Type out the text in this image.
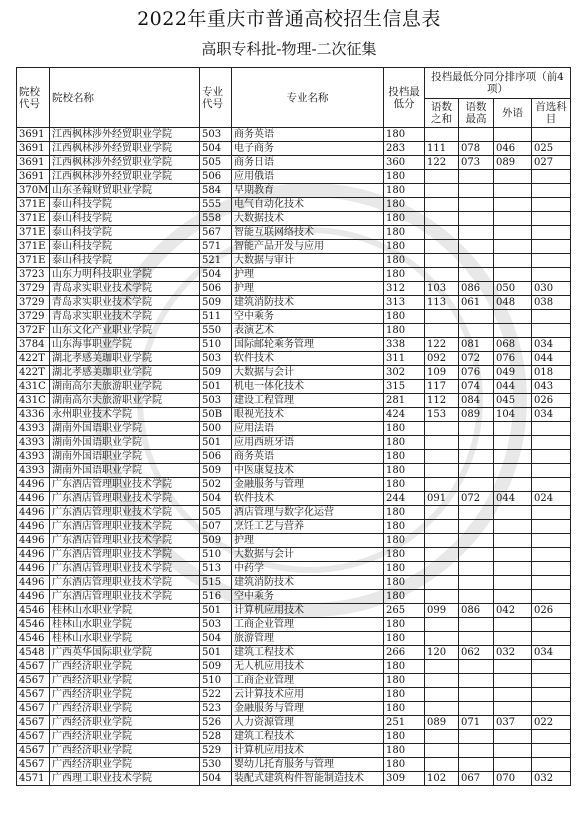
2022年重庆市普通高校招生信息表
高职专科批-物理-二次征集
院校代号	院校名称	专业代号	专业名称	投档最低分	投档最低分同分排序项（前4项）			
					语数之和	语数最高	外语	首选科目
3691	江西枫林涉外经贸职业学院	503	商务英语	180				
3691	江西枫林涉外经贸职业学院	504	电子商务	283	111	078	046	025
3691	江西枫林涉外经贸职业学院	505	商务日语	360	122	073	089	027
3691	江西枫林涉外经贸职业学院	506	应用俄语	180				
370M	山东圣翰财贸职业学院	584	早期教育	180				
371E	泰山科技学院	555	电气自动化技术	180				
371E	泰山科技学院	558	大数据技术	180				
371E	泰山科技学院	567	智能互联网络技术	180				
371E	泰山科技学院	571	智能产品开发与应用	180				
371E	泰山科技学院	521	大数据与审计	180				
3723	山东力明科技职业学院	504	护理	180				
3729	青岛求实职业技术学院	506	护理	312	103	086	050	030
3729	青岛求实职业技术学院	509	建筑消防技术	313	113	061	048	038
3729	青岛求实职业技术学院	511	空中乘务	180				
372F	山东文化产业职业学院	550	表演艺术	180				
3784	山东海事职业学院	510	国际邮轮乘务管理	338	122	081	068	034
422T	湖北孝感美珈职业学院	503	软件技术	311	092	072	076	044
422T	湖北孝感美珈职业学院	509	大数据与会计	302	109	076	049	018
431C	湖南高尔夫旅游职业学院	501	机电一体化技术	315	117	074	044	043
431C	湖南高尔夫旅游职业学院	503	建设工程管理	281	112	084	045	026
4336	永州职业技术学院	50B	眼视光技术	424	153	089	104	034
4393	湖南外国语职业学院	500	应用法语	180				
4393	湖南外国语职业学院	501	应用西班牙语	180				
4393	湖南外国语职业学院	506	商务英语	180				
4393	湖南外国语职业学院	509	中医康复技术	180				
4496	广东酒店管理职业技术学院	502	金融服务与管理	180				
4496	广东酒店管理职业技术学院	504	软件技术	244	091	072	044	024
4496	广东酒店管理职业技术学院	505	酒店管理与数字化运营	180				
4496	广东酒店管理职业技术学院	507	烹饪工艺与营养	180				
4496	广东酒店管理职业技术学院	509	护理	180				
4496	广东酒店管理职业技术学院	510	大数据与会计	180				
4496	广东酒店管理职业技术学院	513	中药学	180				
4496	广东酒店管理职业技术学院	515	建筑消防技术	180				
4496	广东酒店管理职业技术学院	516	空中乘务	180				
4546	桂林山水职业学院	501	计算机应用技术	265	099	086	042	026
4546	桂林山水职业学院	503	工商企业管理	180				
4546	桂林山水职业学院	504	旅游管理	180				
4548	广西英华国际职业学院	501	建筑工程技术	266	120	062	032	034
4567	广西经济职业学院	509	无人机应用技术	180				
4567	广西经济职业学院	510	工商企业管理	180				
4567	广西经济职业学院	522	云计算技术应用	180				
4567	广西经济职业学院	523	金融服务与管理	180				
4567	广西经济职业学院	526	人力资源管理	251	089	071	037	022
4567	广西经济职业学院	528	建筑工程技术	180				
4567	广西经济职业学院	529	计算机应用技术	180				
4567	广西经济职业学院	530	婴幼儿托育服务与管理	180				
4571	广西理工职业技术学院	504	装配式建筑构件智能制造技术	309	102	067	070	032
